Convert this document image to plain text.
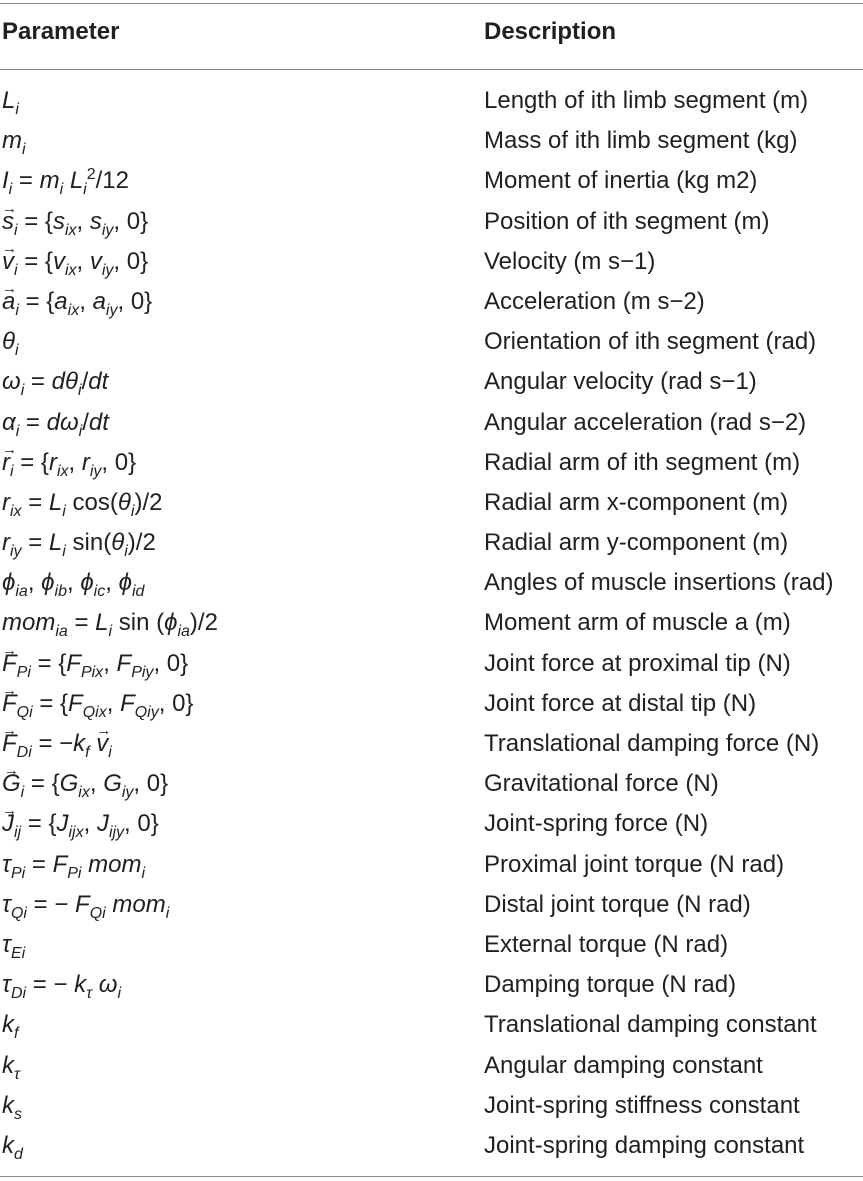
Parameter	Description
$L_i$	Length of ith limb segment (m)
$m_i$	Mass of ith limb segment (kg)
$I_i = m_i$ $L_i^2/12$	Moment of inertia (kg m2)
→ $s_i = \{s_{ix}$, $s_{iy}$, 0}	Position of ith segment (m)
→ $v_i = \{v_{ix}$, $v_{iy}$, 0}	Velocity (m s−1)
→ $a_i = \{a_{ix}$, $a_{iy}$, 0}	Acceleration (m s−2)
$\theta_i$	Orientation of ith segment (rad)
$\omega_i = d\theta_i/dt$	Angular velocity (rad s−1)
$\alpha_i = d\omega_i/dt$	Angular acceleration (rad s−2)
→ $r_i = \{r_{ix}$, $r_{iy}$, 0}	Radial arm of ith segment (m)
$r_{ix} = L_i$ $\cos(\theta_i)/2$	Radial arm x-component (m)
$r_{iy} = L_i$ $\sin(\theta_i)/2$	Radial arm y-component (m)
$\phi_{ia}$, $\phi_{ib}$, $\phi_{ic}$, $\phi_{id}$	Angles of muscle insertions (rad)
$mom_{ia} = L_i$ $\sin (\phi_{ia})/2$	Moment arm of muscle a (m)
→ $F_{Pi} = \{F_{Pix}$, $F_{Piy}$, 0}	Joint force at proximal tip (N)
→ $F_{Qi} = \{F_{Qix}$, $F_{Qiy}$, 0}	Joint force at distal tip (N)
→ $F_{Di} = -k_f \to v_i$	Translational damping force (N)
→ $G_i = \{G_{ix}$, $G_{iy}$, 0}	Gravitational force (N)
→ $J_{ij} = \{J_{ijx}$, $J_{ijy}$, 0}	Joint-spring force (N)
$\tau_{Pi} = F_{Pi}$ mom$_i$	Proximal joint torque (N rad)
$\tau_{Qi}$ = − $F_{Qi}$ mom$_i$	Distal joint torque (N rad)
$\tau_{Ei}$	External torque (N rad)
$\tau_{Di}$ = − $k_\tau$ $\omega_i$	Damping torque (N rad)
$k_f$	Translational damping constant
$k_\tau$	Angular damping constant
$k_s$	Joint-spring stiffness constant
$k_d$	Joint-spring damping constant
